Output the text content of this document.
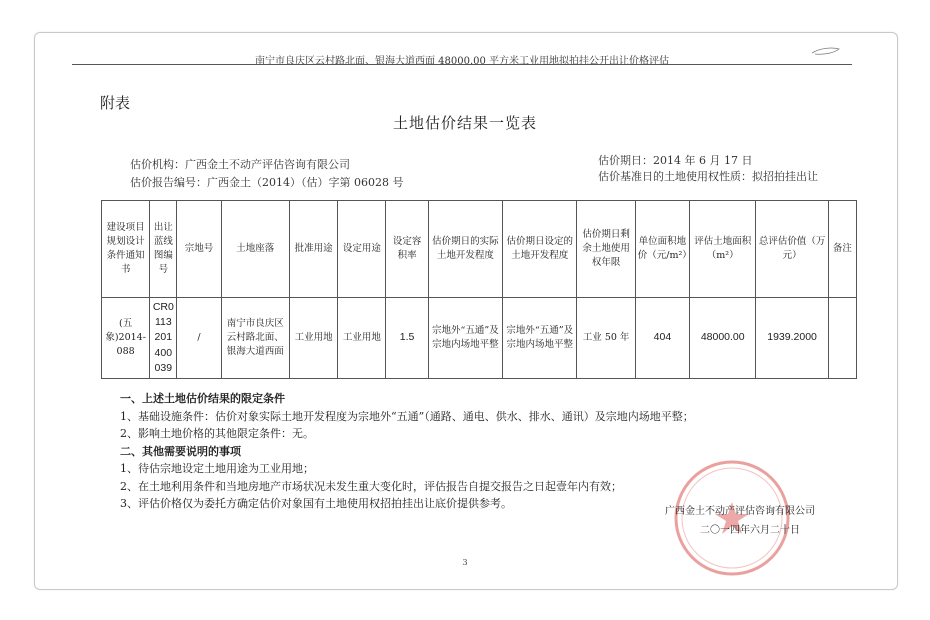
南宁市良庆区云村路北面、银海大道西面 48000.00 平方米工业用地拟拍挂公开出让价格评估
附表
土地估价结果一览表
估价机构：广西金土不动产评估咨询有限公司
估价报告编号：广西金土（2014）（估）字第 06028 号
估价期日：2014 年 6 月 17 日
估价基准日的土地使用权性质：拟招拍挂出让
建设项目规划设计条件通知书	出让蓝线图编号	宗地号	土地座落	批准用途	设定用途	设定容积率	估价期日的实际土地开发程度	估价期日设定的土地开发程度	估价期日剩余土地使用权年限	单位面积地价（元/m²）	评估土地面积（m²）	总评估价值（万元）	备注
(五象)2014-088	CR0113201400039	/	南宁市良庆区云村路北面、银海大道西面	工业用地	工业用地	1.5	宗地外“五通”及宗地内场地平整	宗地外“五通”及宗地内场地平整	工业 50 年	404	48000.00	1939.2000	
一、上述土地估价结果的限定条件
1、基础设施条件：估价对象实际土地开发程度为宗地外“五通”（通路、通电、供水、排水、通讯）及宗地内场地平整；
2、影响土地价格的其他限定条件：无。
二、其他需要说明的事项
1、待估宗地设定土地用途为工业用地；
2、在土地利用条件和当地房地产市场状况未发生重大变化时，评估报告自提交报告之日起壹年内有效；
3、评估价格仅为委托方确定估价对象国有土地使用权招拍挂出让底价提供参考。
广西金土不动产评估咨询有限公司
二〇一四年六月二十日
3
